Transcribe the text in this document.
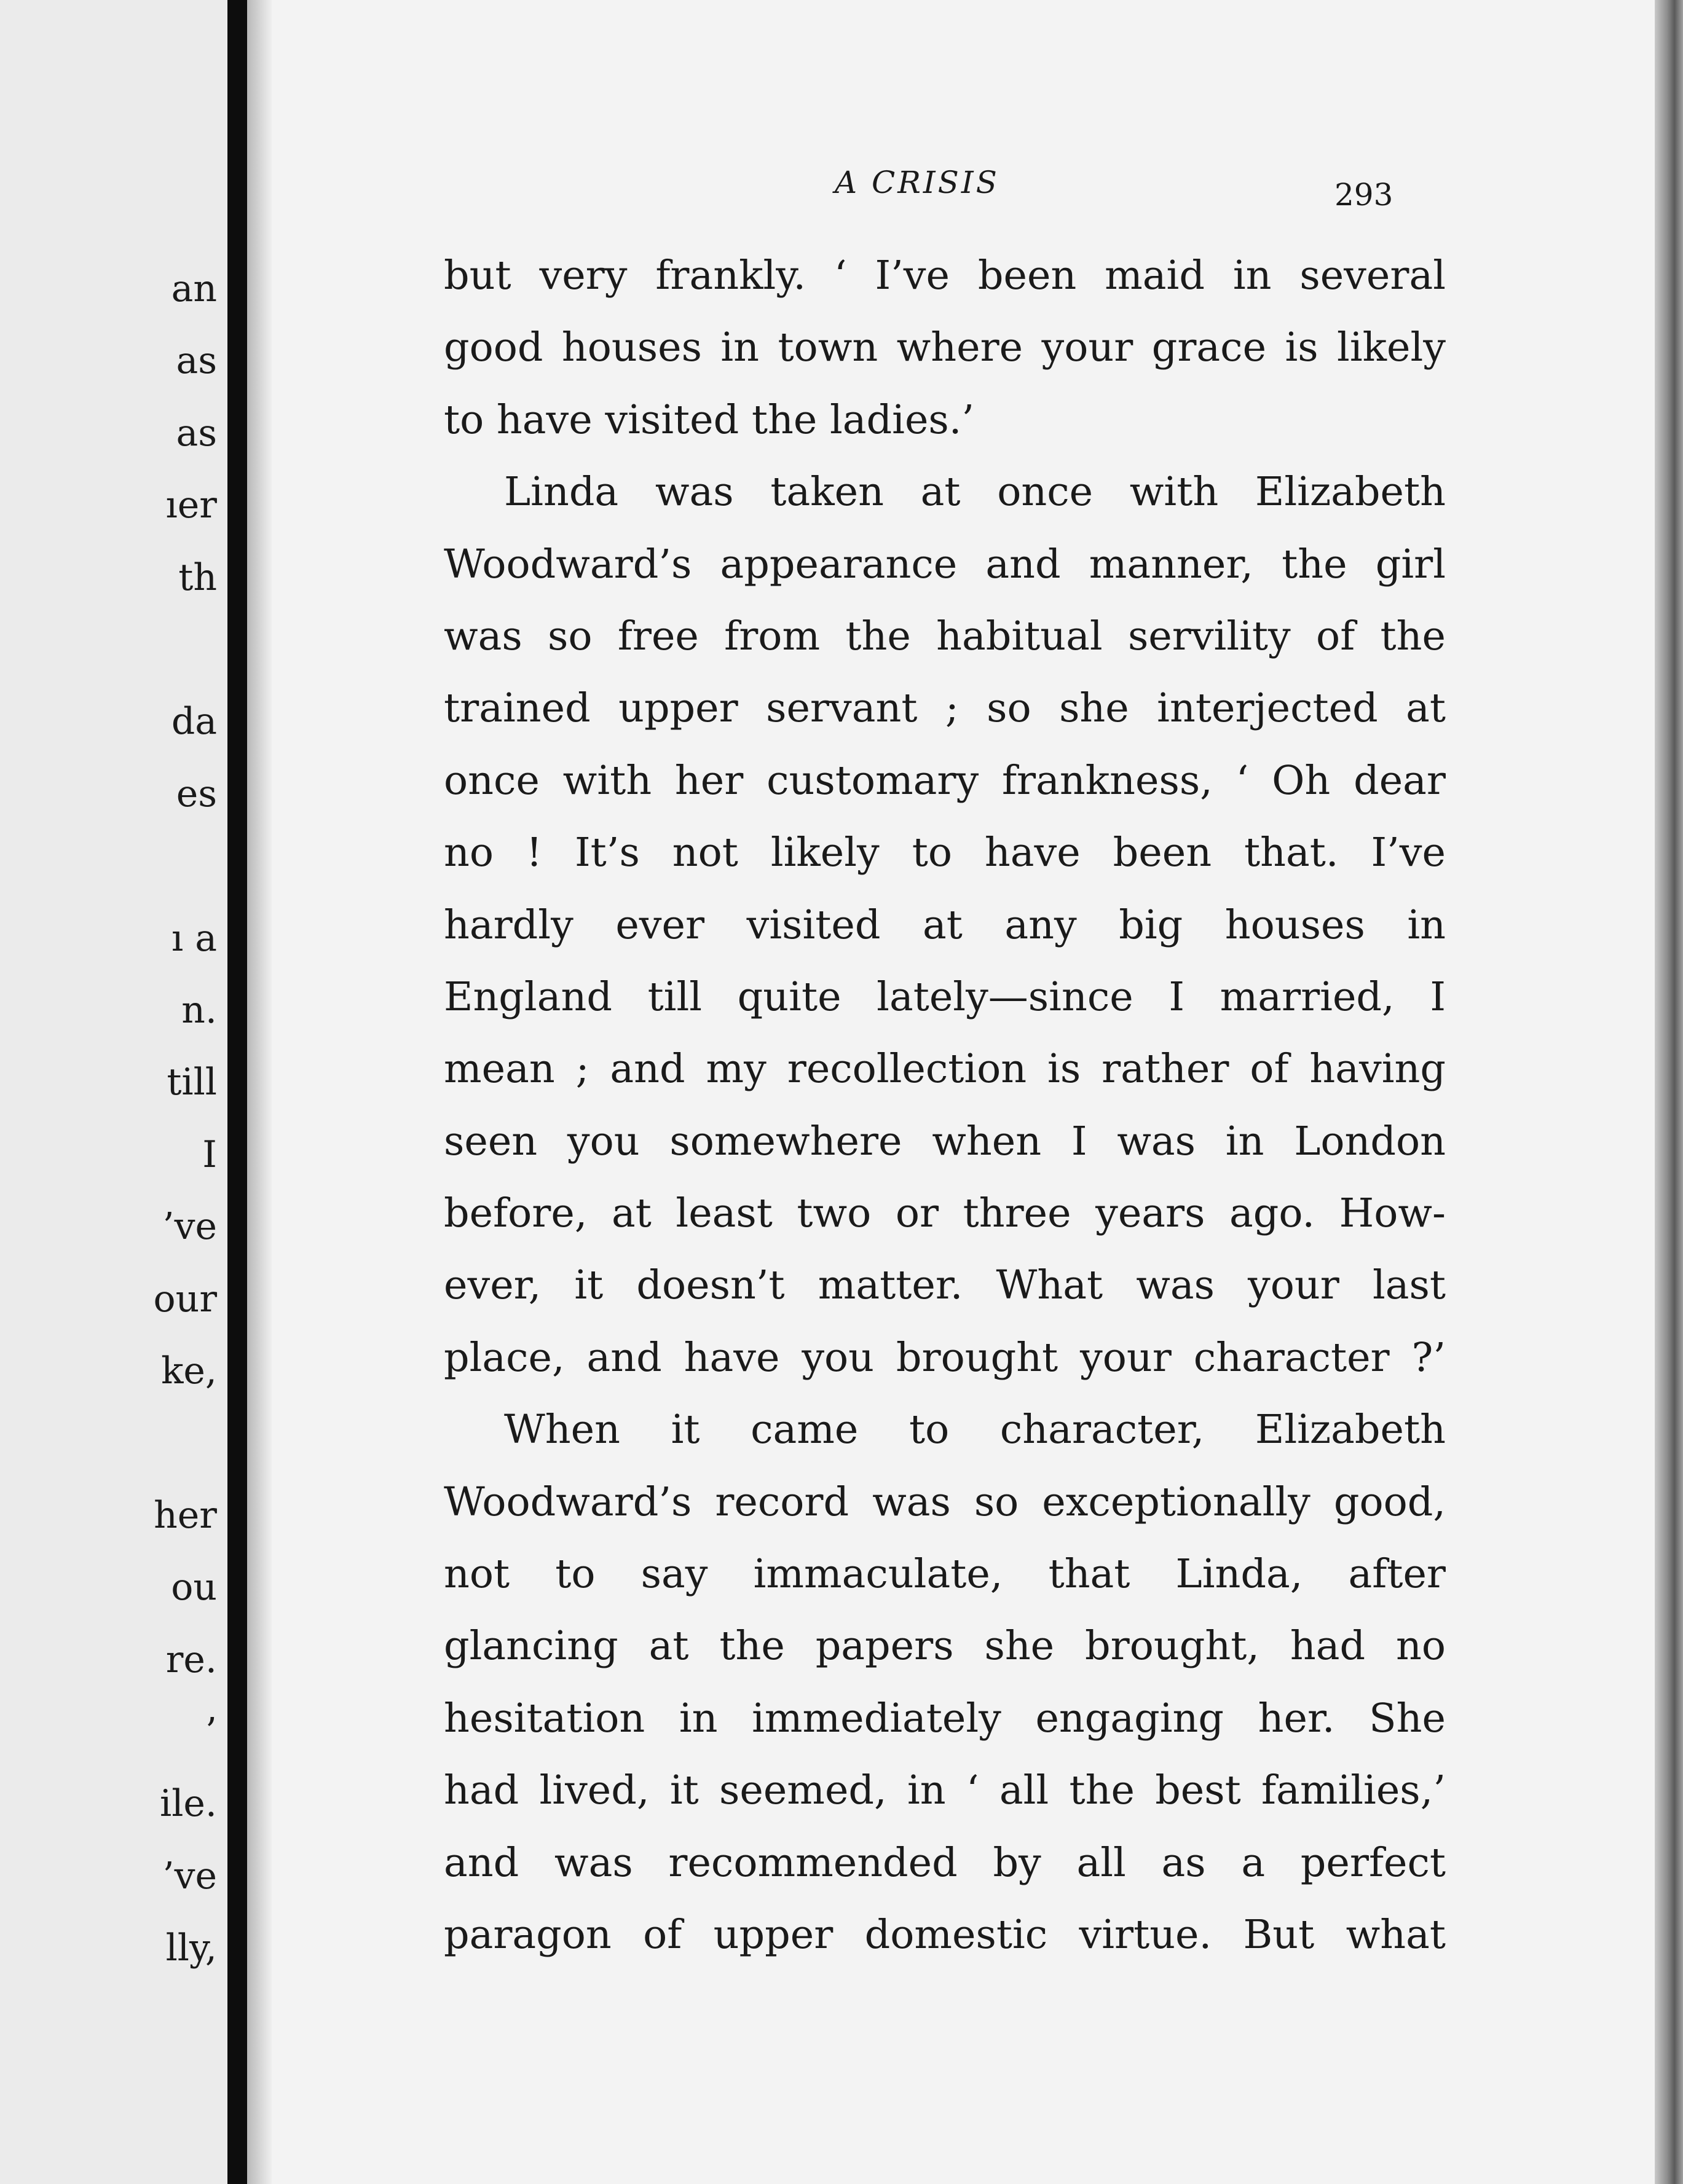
an
as
as
ıer
th
da
es
ı a
n.
till
I
’ve
our
ke,
her
ou
re.
’
ile.
’ve
lly,
A CRISIS	293
but very frankly. ‘ I’ve been maid in several
good houses in town where your grace is likely
to have visited the ladies.’
Linda was taken at once with Elizabeth
Woodward’s appearance and manner, the girl
was so free from the habitual servility of the
trained upper servant ; so she interjected at
once with her customary frankness, ‘ Oh dear
no ! It’s not likely to have been that. I’ve
hardly ever visited at any big houses in
England till quite lately—since I married, I
mean ; and my recollection is rather of having
seen you somewhere when I was in London
before, at least two or three years ago. How-
ever, it doesn’t matter. What was your last
place, and have you brought your character ?’
When it came to character, Elizabeth
Woodward’s record was so exceptionally good,
not to say immaculate, that Linda, after
glancing at the papers she brought, had no
hesitation in immediately engaging her. She
had lived, it seemed, in ‘ all the best families,’
and was recommended by all as a perfect
paragon of upper domestic virtue. But what
